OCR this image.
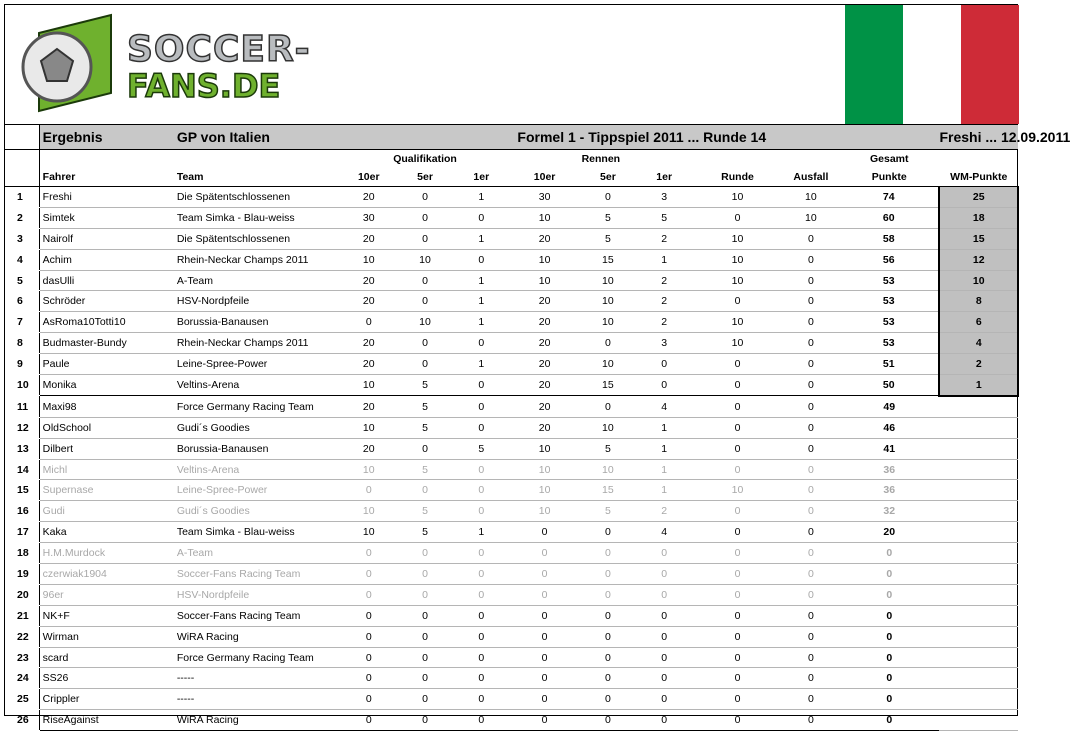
SOCCER-
FANS.DE
	Ergebnis	GP von Italien				Formel 1 - Tippspiel 2011 ... Runde 14						Freshi ... 12.09.2011
			Qualifikation			Rennen					Gesamt	
	Fahrer	Team	10er	5er	1er	10er	5er	1er	Runde	Ausfall	Punkte	WM-Punkte
1	Freshi	Die Spätentschlossenen	20	0	1	30	0	3	10	10	74	25
2	Simtek	Team Simka - Blau-weiss	30	0	0	10	5	5	0	10	60	18
3	Nairolf	Die Spätentschlossenen	20	0	1	20	5	2	10	0	58	15
4	Achim	Rhein-Neckar Champs 2011	10	10	0	10	15	1	10	0	56	12
5	dasUlli	A-Team	20	0	1	10	10	2	10	0	53	10
6	Schröder	HSV-Nordpfeile	20	0	1	20	10	2	0	0	53	8
7	AsRoma10Totti10	Borussia-Banausen	0	10	1	20	10	2	10	0	53	6
8	Budmaster-Bundy	Rhein-Neckar Champs 2011	20	0	0	20	0	3	10	0	53	4
9	Paule	Leine-Spree-Power	20	0	1	20	10	0	0	0	51	2
10	Monika	Veltins-Arena	10	5	0	20	15	0	0	0	50	1
11	Maxi98	Force Germany Racing Team	20	5	0	20	0	4	0	0	49	
12	OldSchool	Gudi´s Goodies	10	5	0	20	10	1	0	0	46	
13	Dilbert	Borussia-Banausen	20	0	5	10	5	1	0	0	41	
14	Michl	Veltins-Arena	10	5	0	10	10	1	0	0	36	
15	Supernase	Leine-Spree-Power	0	0	0	10	15	1	10	0	36	
16	Gudi	Gudi´s Goodies	10	5	0	10	5	2	0	0	32	
17	Kaka	Team Simka - Blau-weiss	10	5	1	0	0	4	0	0	20	
18	H.M.Murdock	A-Team	0	0	0	0	0	0	0	0	0	
19	czerwiak1904	Soccer-Fans Racing Team	0	0	0	0	0	0	0	0	0	
20	96er	HSV-Nordpfeile	0	0	0	0	0	0	0	0	0	
21	NK+F	Soccer-Fans Racing Team	0	0	0	0	0	0	0	0	0	
22	Wirman	WiRA Racing	0	0	0	0	0	0	0	0	0	
23	scard	Force Germany Racing Team	0	0	0	0	0	0	0	0	0	
24	SS26	-----	0	0	0	0	0	0	0	0	0	
25	Crippler	-----	0	0	0	0	0	0	0	0	0	
26	RiseAgainst	WiRA Racing	0	0	0	0	0	0	0	0	0	
